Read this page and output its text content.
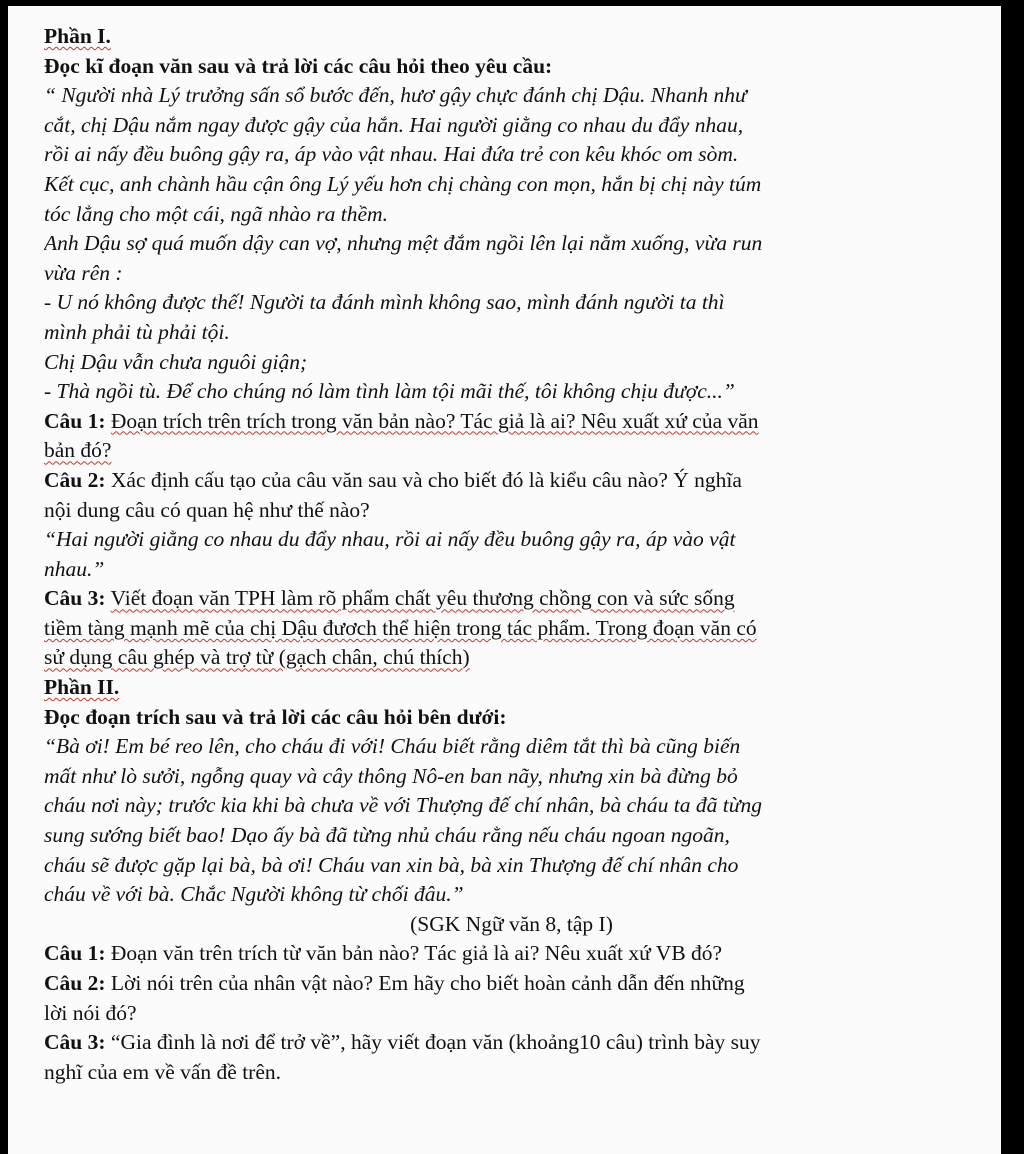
Phần I.
Đọc kĩ đoạn văn sau và trả lời các câu hỏi theo yêu cầu:
“ Người nhà Lý trưởng sấn sổ bước đến, hươ gậy chực đánh chị Dậu. Nhanh như
cắt, chị Dậu nắm ngay được gậy của hắn. Hai người giằng co nhau du đẩy nhau,
rồi ai nấy đều buông gậy ra, áp vào vật nhau. Hai đứa trẻ con kêu khóc om sòm.
Kết cục, anh chành hầu cận ông Lý yếu hơn chị chàng con mọn, hắn bị chị này túm
tóc lẳng cho một cái, ngã nhào ra thềm.
Anh Dậu sợ quá muốn dậy can vợ, nhưng mệt đắm ngồi lên lại nằm xuống, vừa run
vừa rên :
- U nó không được thế! Người ta đánh mình không sao, mình đánh người ta thì
mình phải tù phải tội.
Chị Dậu vẫn chưa nguôi giận;
- Thà ngồi tù. Để cho chúng nó làm tình làm tội mãi thế, tôi không chịu được...”
Câu 1: Đoạn trích trên trích trong văn bản nào? Tác giả là ai? Nêu xuất xứ của văn
bản đó?
Câu 2: Xác định cấu tạo của câu văn sau và cho biết đó là kiểu câu nào? Ý nghĩa
nội dung câu có quan hệ như thế nào?
“Hai người giằng co nhau du đẩy nhau, rồi ai nấy đều buông gậy ra, áp vào vật
nhau.”
Câu 3: Viết đoạn văn TPH làm rõ phẩm chất yêu thương chồng con và sức sống
tiềm tàng mạnh mẽ của chị Dậu đươch thể hiện trong tác phẩm. Trong đoạn văn có
sử dụng câu ghép và trợ từ (gạch chân, chú thích)
Phần II.
Đọc đoạn trích sau và trả lời các câu hỏi bên dưới:
“Bà ơi! Em bé reo lên, cho cháu đi với! Cháu biết rằng diêm tắt thì bà cũng biến
mất như lò sưởi, ngỗng quay và cây thông Nô-en ban nãy, nhưng xin bà đừng bỏ
cháu nơi này; trước kia khi bà chưa về với Thượng đế chí nhân, bà cháu ta đã từng
sung sướng biết bao! Dạo ấy bà đã từng nhủ cháu rằng nếu cháu ngoan ngoãn,
cháu sẽ được gặp lại bà, bà ơi! Cháu van xin bà, bà xin Thượng đế chí nhân cho
cháu về với bà. Chắc Người không từ chối đâu.”
(SGK Ngữ văn 8, tập I)
Câu 1: Đoạn văn trên trích từ văn bản nào? Tác giả là ai? Nêu xuất xứ VB đó?
Câu 2: Lời nói trên của nhân vật nào? Em hãy cho biết hoàn cảnh dẫn đến những
lời nói đó?
Câu 3: “Gia đình là nơi để trở về”, hãy viết đoạn văn (khoảng10 câu) trình bày suy
nghĩ của em về vấn đề trên.
